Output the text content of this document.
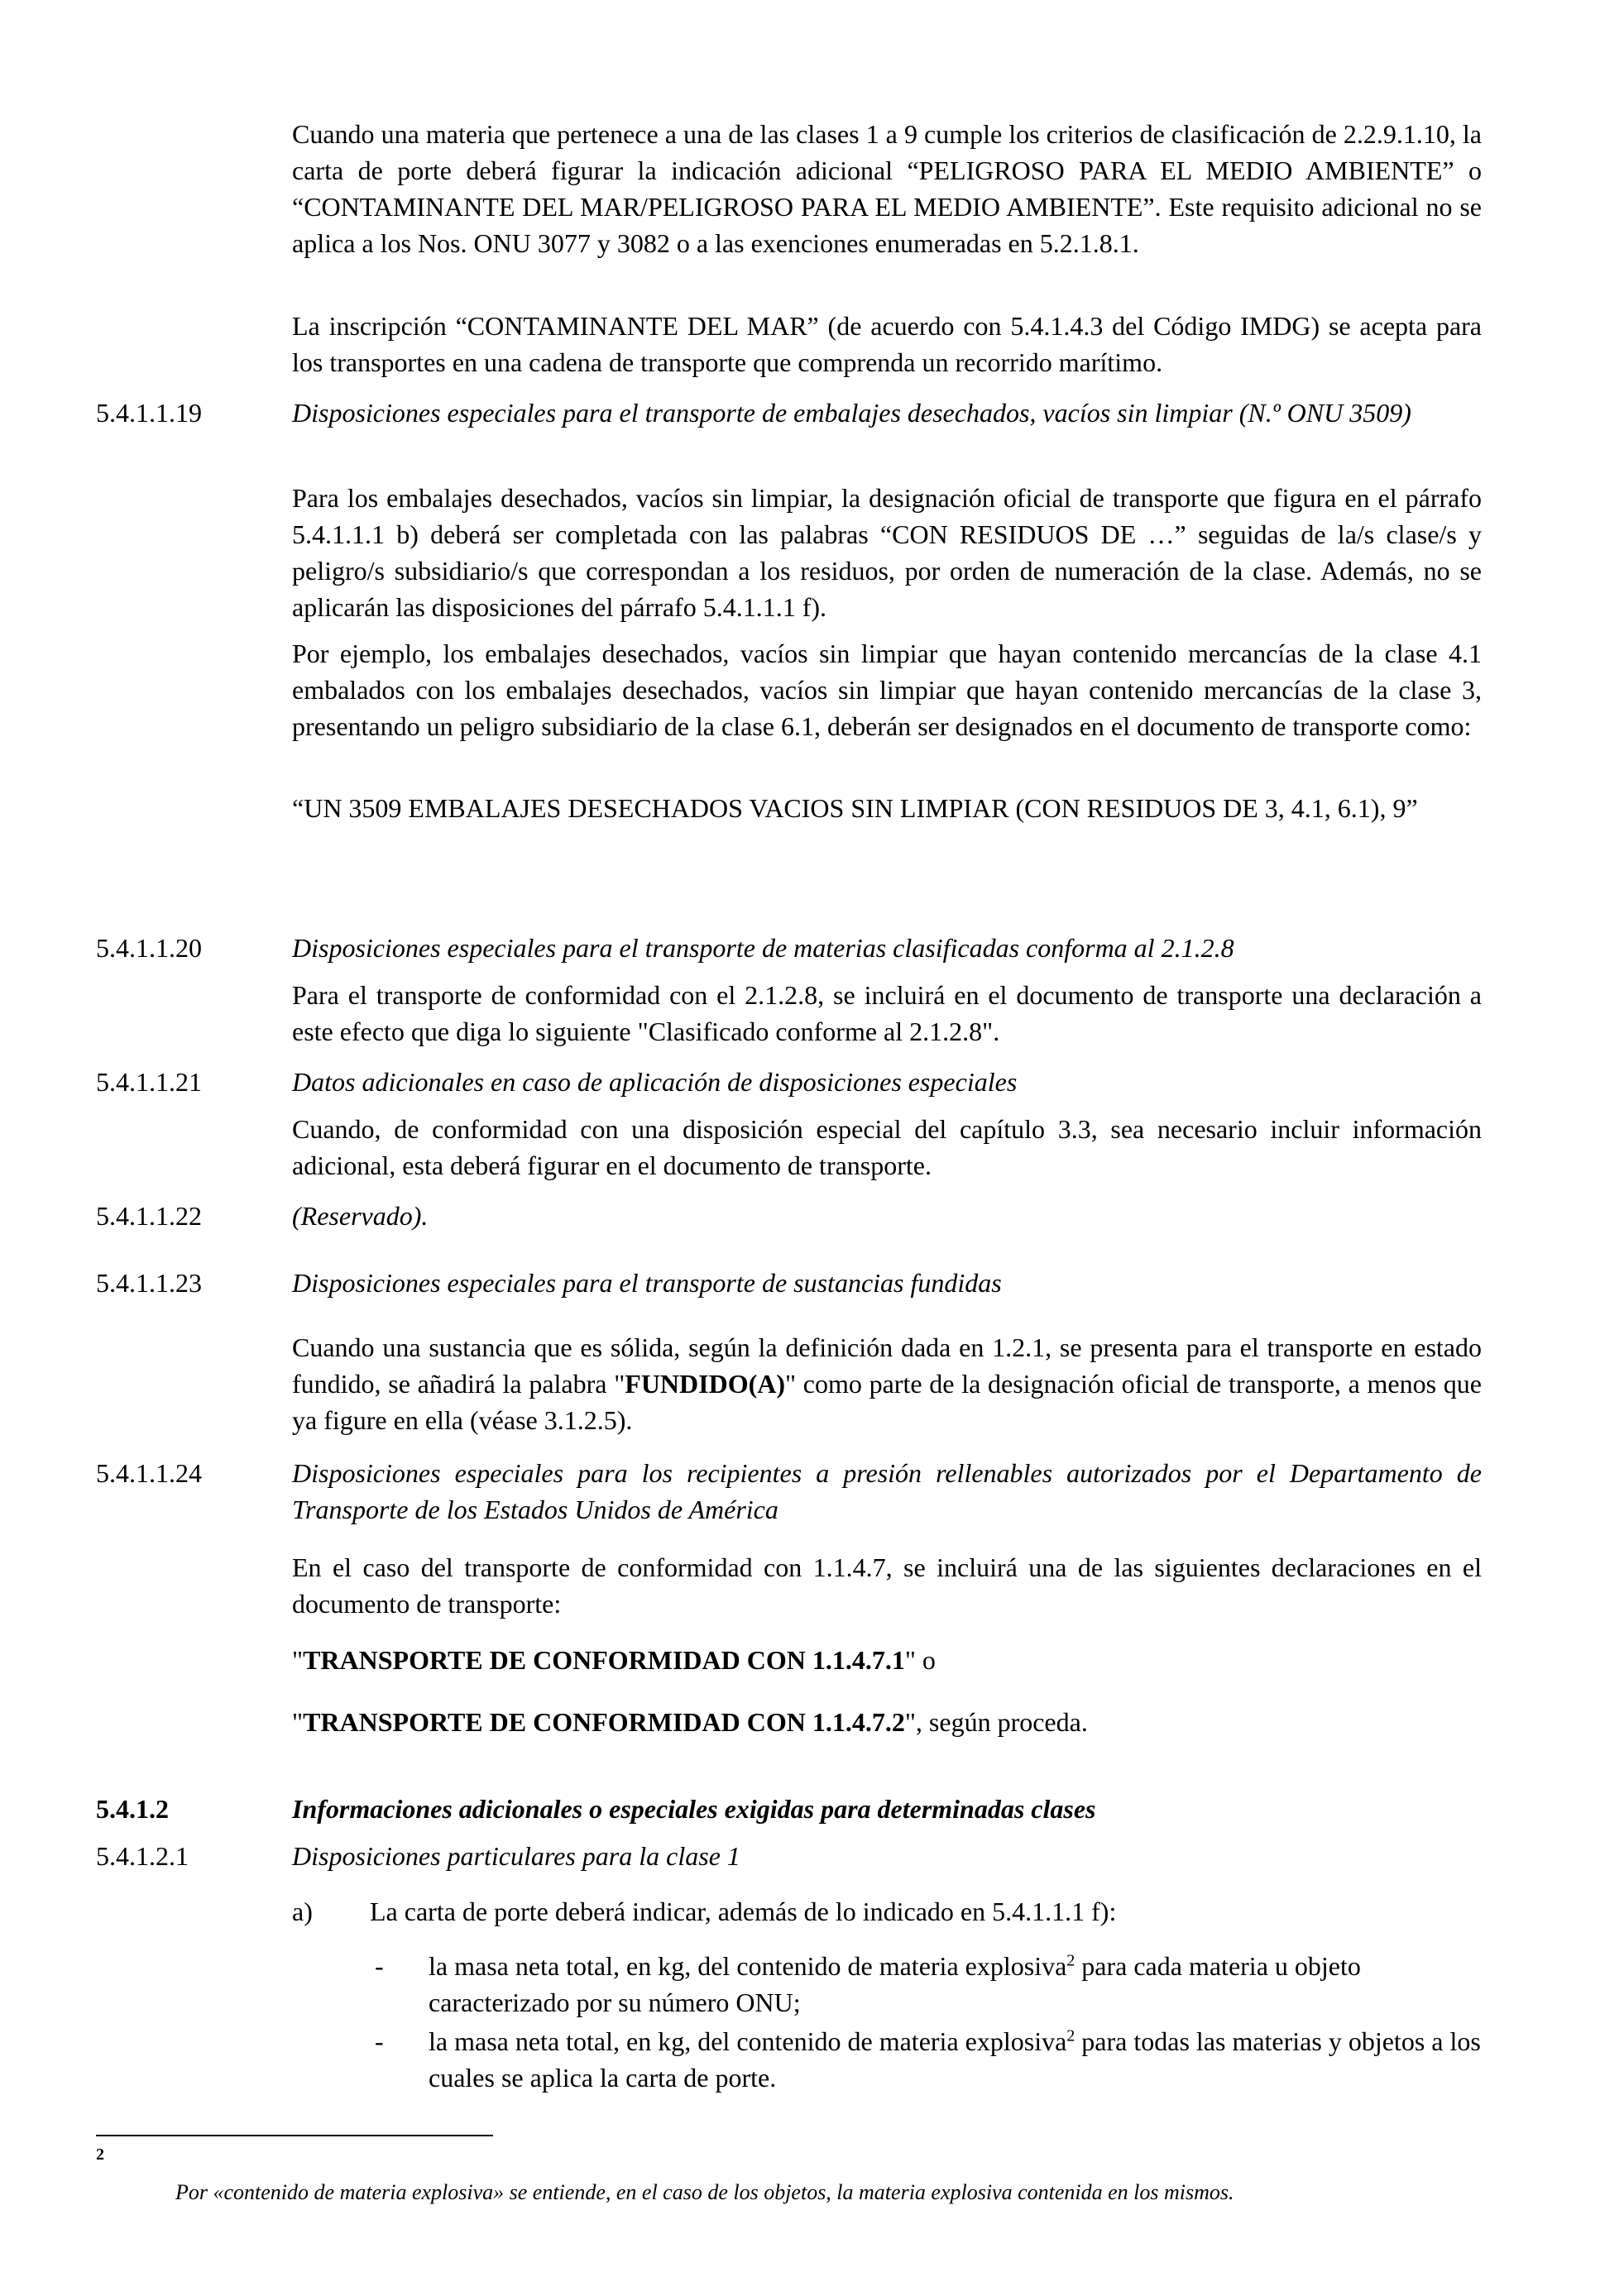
Cuando una materia que pertenece a una de las clases 1 a 9 cumple los criterios de clasificación de 2.2.9.1.10, la carta de porte deberá figurar la indicación adicional “PELIGROSO PARA EL MEDIO AMBIENTE” o “CONTAMINANTE DEL MAR/PELIGROSO PARA EL MEDIO AMBIENTE”. Este requisito adicional no se aplica a los Nos. ONU 3077 y 3082 o a las exenciones enumeradas en 5.2.1.8.1.
La inscripción “CONTAMINANTE DEL MAR” (de acuerdo con 5.4.1.4.3 del Código IMDG) se acepta para los transportes en una cadena de transporte que comprenda un recorrido marítimo.
5.4.1.1.19	Disposiciones especiales para el transporte de embalajes desechados, vacíos sin limpiar (N.º ONU 3509)
Para los embalajes desechados, vacíos sin limpiar, la designación oficial de transporte que figura en el párrafo 5.4.1.1.1 b) deberá ser completada con las palabras “CON RESIDUOS DE …” seguidas de la/s clase/s y peligro/s subsidiario/s que correspondan a los residuos, por orden de numeración de la clase. Además, no se aplicarán las disposiciones del párrafo 5.4.1.1.1 f).
Por ejemplo, los embalajes desechados, vacíos sin limpiar que hayan contenido mercancías de la clase 4.1 embalados con los embalajes desechados, vacíos sin limpiar que hayan contenido mercancías de la clase 3, presentando un peligro subsidiario de la clase 6.1, deberán ser designados en el documento de transporte como:
“UN 3509 EMBALAJES DESECHADOS VACIOS SIN LIMPIAR (CON RESIDUOS DE 3, 4.1, 6.1), 9”
5.4.1.1.20	Disposiciones especiales para el transporte de materias clasificadas conforma al 2.1.2.8
Para el transporte de conformidad con el 2.1.2.8, se incluirá en el documento de transporte una declaración a este efecto que diga lo siguiente "Clasificado conforme al 2.1.2.8".
5.4.1.1.21	Datos adicionales en caso de aplicación de disposiciones especiales
Cuando, de conformidad con una disposición especial del capítulo 3.3, sea necesario incluir información adicional, esta deberá figurar en el documento de transporte.
5.4.1.1.22	(Reservado).
5.4.1.1.23	Disposiciones especiales para el transporte de sustancias fundidas
Cuando una sustancia que es sólida, según la definición dada en 1.2.1, se presenta para el transporte en estado fundido, se añadirá la palabra "FUNDIDO(A)" como parte de la designación oficial de transporte, a menos que ya figure en ella (véase 3.1.2.5).
5.4.1.1.24	Disposiciones especiales para los recipientes a presión rellenables autorizados por el Departamento de Transporte de los Estados Unidos de América
En el caso del transporte de conformidad con 1.1.4.7, se incluirá una de las siguientes declaraciones en el documento de transporte:
"TRANSPORTE DE CONFORMIDAD CON 1.1.4.7.1" o
"TRANSPORTE DE CONFORMIDAD CON 1.1.4.7.2", según proceda.
5.4.1.2	Informaciones adicionales o especiales exigidas para determinadas clases
5.4.1.2.1	Disposiciones particulares para la clase 1
a) La carta de porte deberá indicar, además de lo indicado en 5.4.1.1.1 f):
- la masa neta total, en kg, del contenido de materia explosiva$^2$ para cada materia u objeto caracterizado por su número ONU;
- la masa neta total, en kg, del contenido de materia explosiva$^2$ para todas las materias y objetos a los cuales se aplica la carta de porte.
2
Por «contenido de materia explosiva» se entiende, en el caso de los objetos, la materia explosiva contenida en los mismos.
